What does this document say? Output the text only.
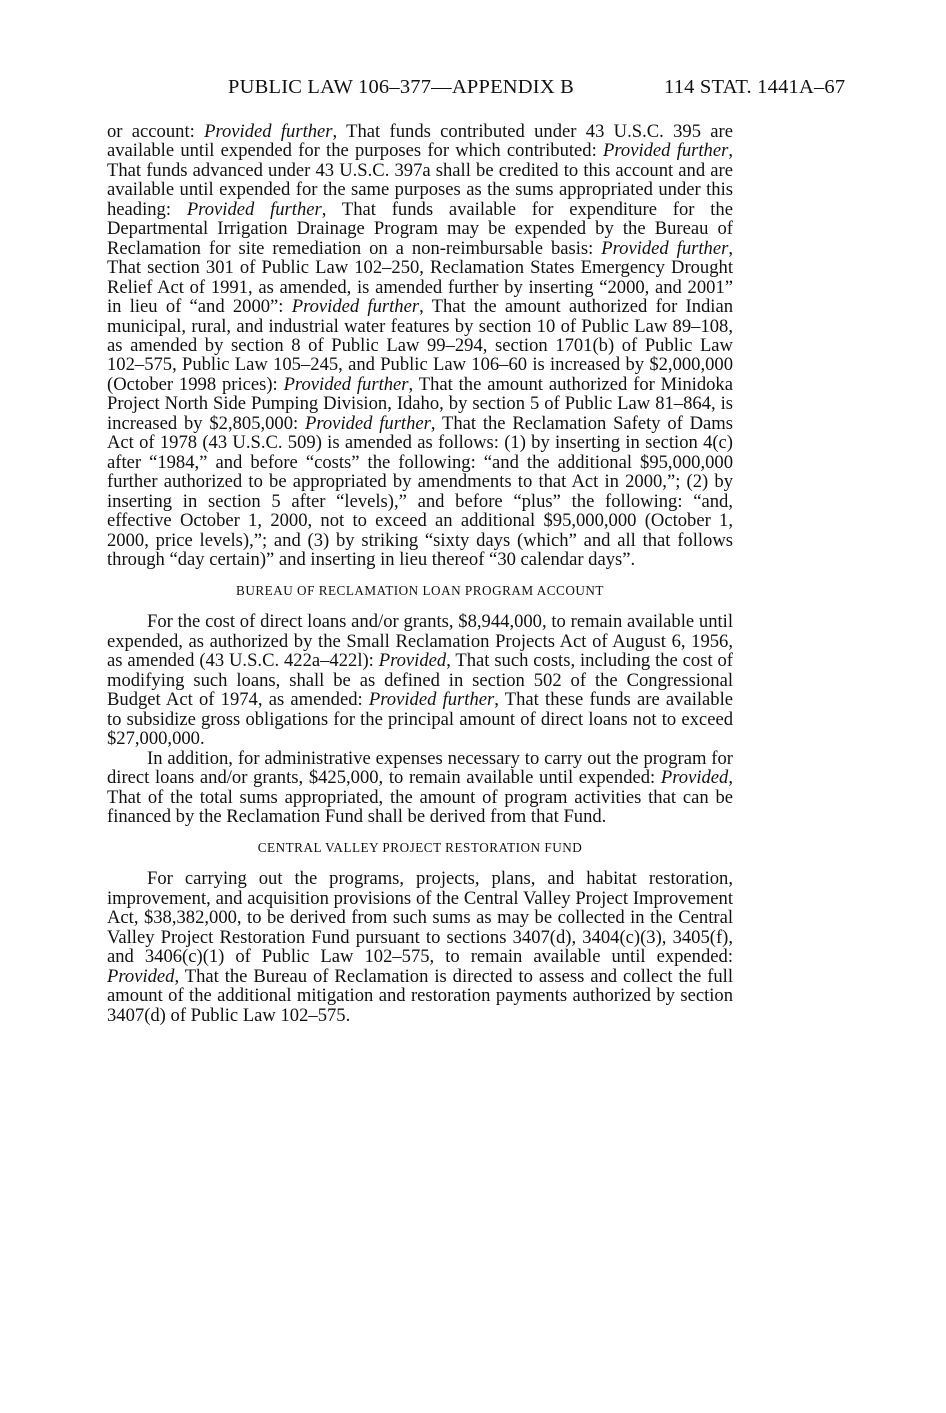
PUBLIC LAW 106–377—APPENDIX B	114 STAT. 1441A–67

or account: Provided further, That funds contributed under 43 U.S.C. 395 are available until expended for the purposes for which contributed: Provided further, That funds advanced under 43 U.S.C. 397a shall be credited to this account and are available until expended for the same purposes as the sums appropriated under this heading: Provided further, That funds available for expenditure for the Departmental Irrigation Drainage Program may be expended by the Bureau of Reclamation for site remediation on a non-reimbursable basis: Provided further, That section 301 of Public Law 102–250, Reclamation States Emergency Drought Relief Act of 1991, as amended, is amended further by inserting “2000, and 2001” in lieu of “and 2000”: Provided further, That the amount authorized for Indian municipal, rural, and industrial water features by section 10 of Public Law 89–108, as amended by section 8 of Public Law 99–294, section 1701(b) of Public Law 102–575, Public Law 105–245, and Public Law 106–60 is increased by $2,000,000 (October 1998 prices): Provided further, That the amount authorized for Minidoka Project North Side Pumping Division, Idaho, by section 5 of Public Law 81–864, is increased by $2,805,000: Provided further, That the Reclamation Safety of Dams Act of 1978 (43 U.S.C. 509) is amended as follows: (1) by inserting in section 4(c) after “1984,” and before “costs” the following: “and the additional $95,000,000 further authorized to be appropriated by amendments to that Act in 2000,”; (2) by inserting in section 5 after “levels),” and before “plus” the following: “and, effective October 1, 2000, not to exceed an additional $95,000,000 (October 1, 2000, price levels),”; and (3) by striking “sixty days (which” and all that follows through “day certain)” and inserting in lieu thereof “30 calendar days”.

BUREAU OF RECLAMATION LOAN PROGRAM ACCOUNT

For the cost of direct loans and/or grants, $8,944,000, to remain available until expended, as authorized by the Small Reclamation Projects Act of August 6, 1956, as amended (43 U.S.C. 422a–422l): Provided, That such costs, including the cost of modifying such loans, shall be as defined in section 502 of the Congressional Budget Act of 1974, as amended: Provided further, That these funds are available to subsidize gross obligations for the principal amount of direct loans not to exceed $27,000,000.

In addition, for administrative expenses necessary to carry out the program for direct loans and/or grants, $425,000, to remain available until expended: Provided, That of the total sums appropriated, the amount of program activities that can be financed by the Reclamation Fund shall be derived from that Fund.

CENTRAL VALLEY PROJECT RESTORATION FUND

For carrying out the programs, projects, plans, and habitat restoration, improvement, and acquisition provisions of the Central Valley Project Improvement Act, $38,382,000, to be derived from such sums as may be collected in the Central Valley Project Restoration Fund pursuant to sections 3407(d), 3404(c)(3), 3405(f), and 3406(c)(1) of Public Law 102–575, to remain available until expended: Provided, That the Bureau of Reclamation is directed to assess and collect the full amount of the additional mitigation and restoration payments authorized by section 3407(d) of Public Law 102–575.
